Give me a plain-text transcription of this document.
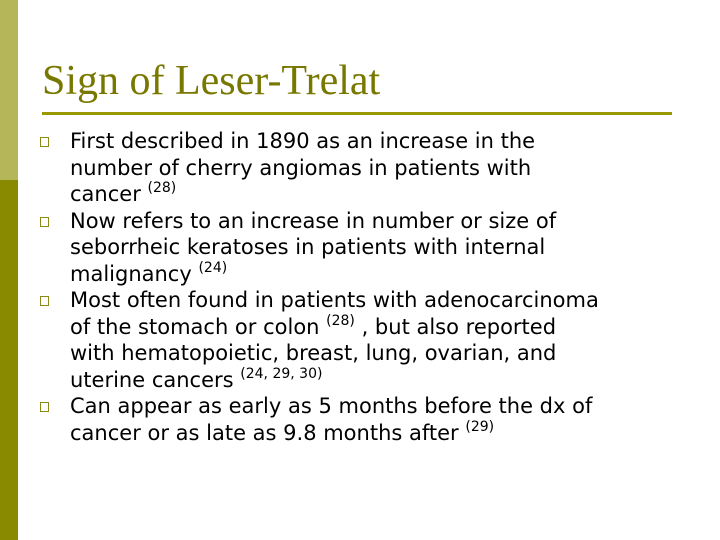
Sign of Leser-Trelat
First described in 1890 as an increase in the
number of cherry angiomas in patients with
cancer $^{(28)}$
Now refers to an increase in number or size of
seborrheic keratoses in patients with internal
malignancy $^{(24)}$
Most often found in patients with adenocarcinoma
of the stomach or colon $^{(28)}$ , but also reported
with hematopoietic, breast, lung, ovarian, and
uterine cancers $^{(24, 29, 30)}$
Can appear as early as 5 months before the dx of
cancer or as late as 9.8 months after $^{(29)}$
